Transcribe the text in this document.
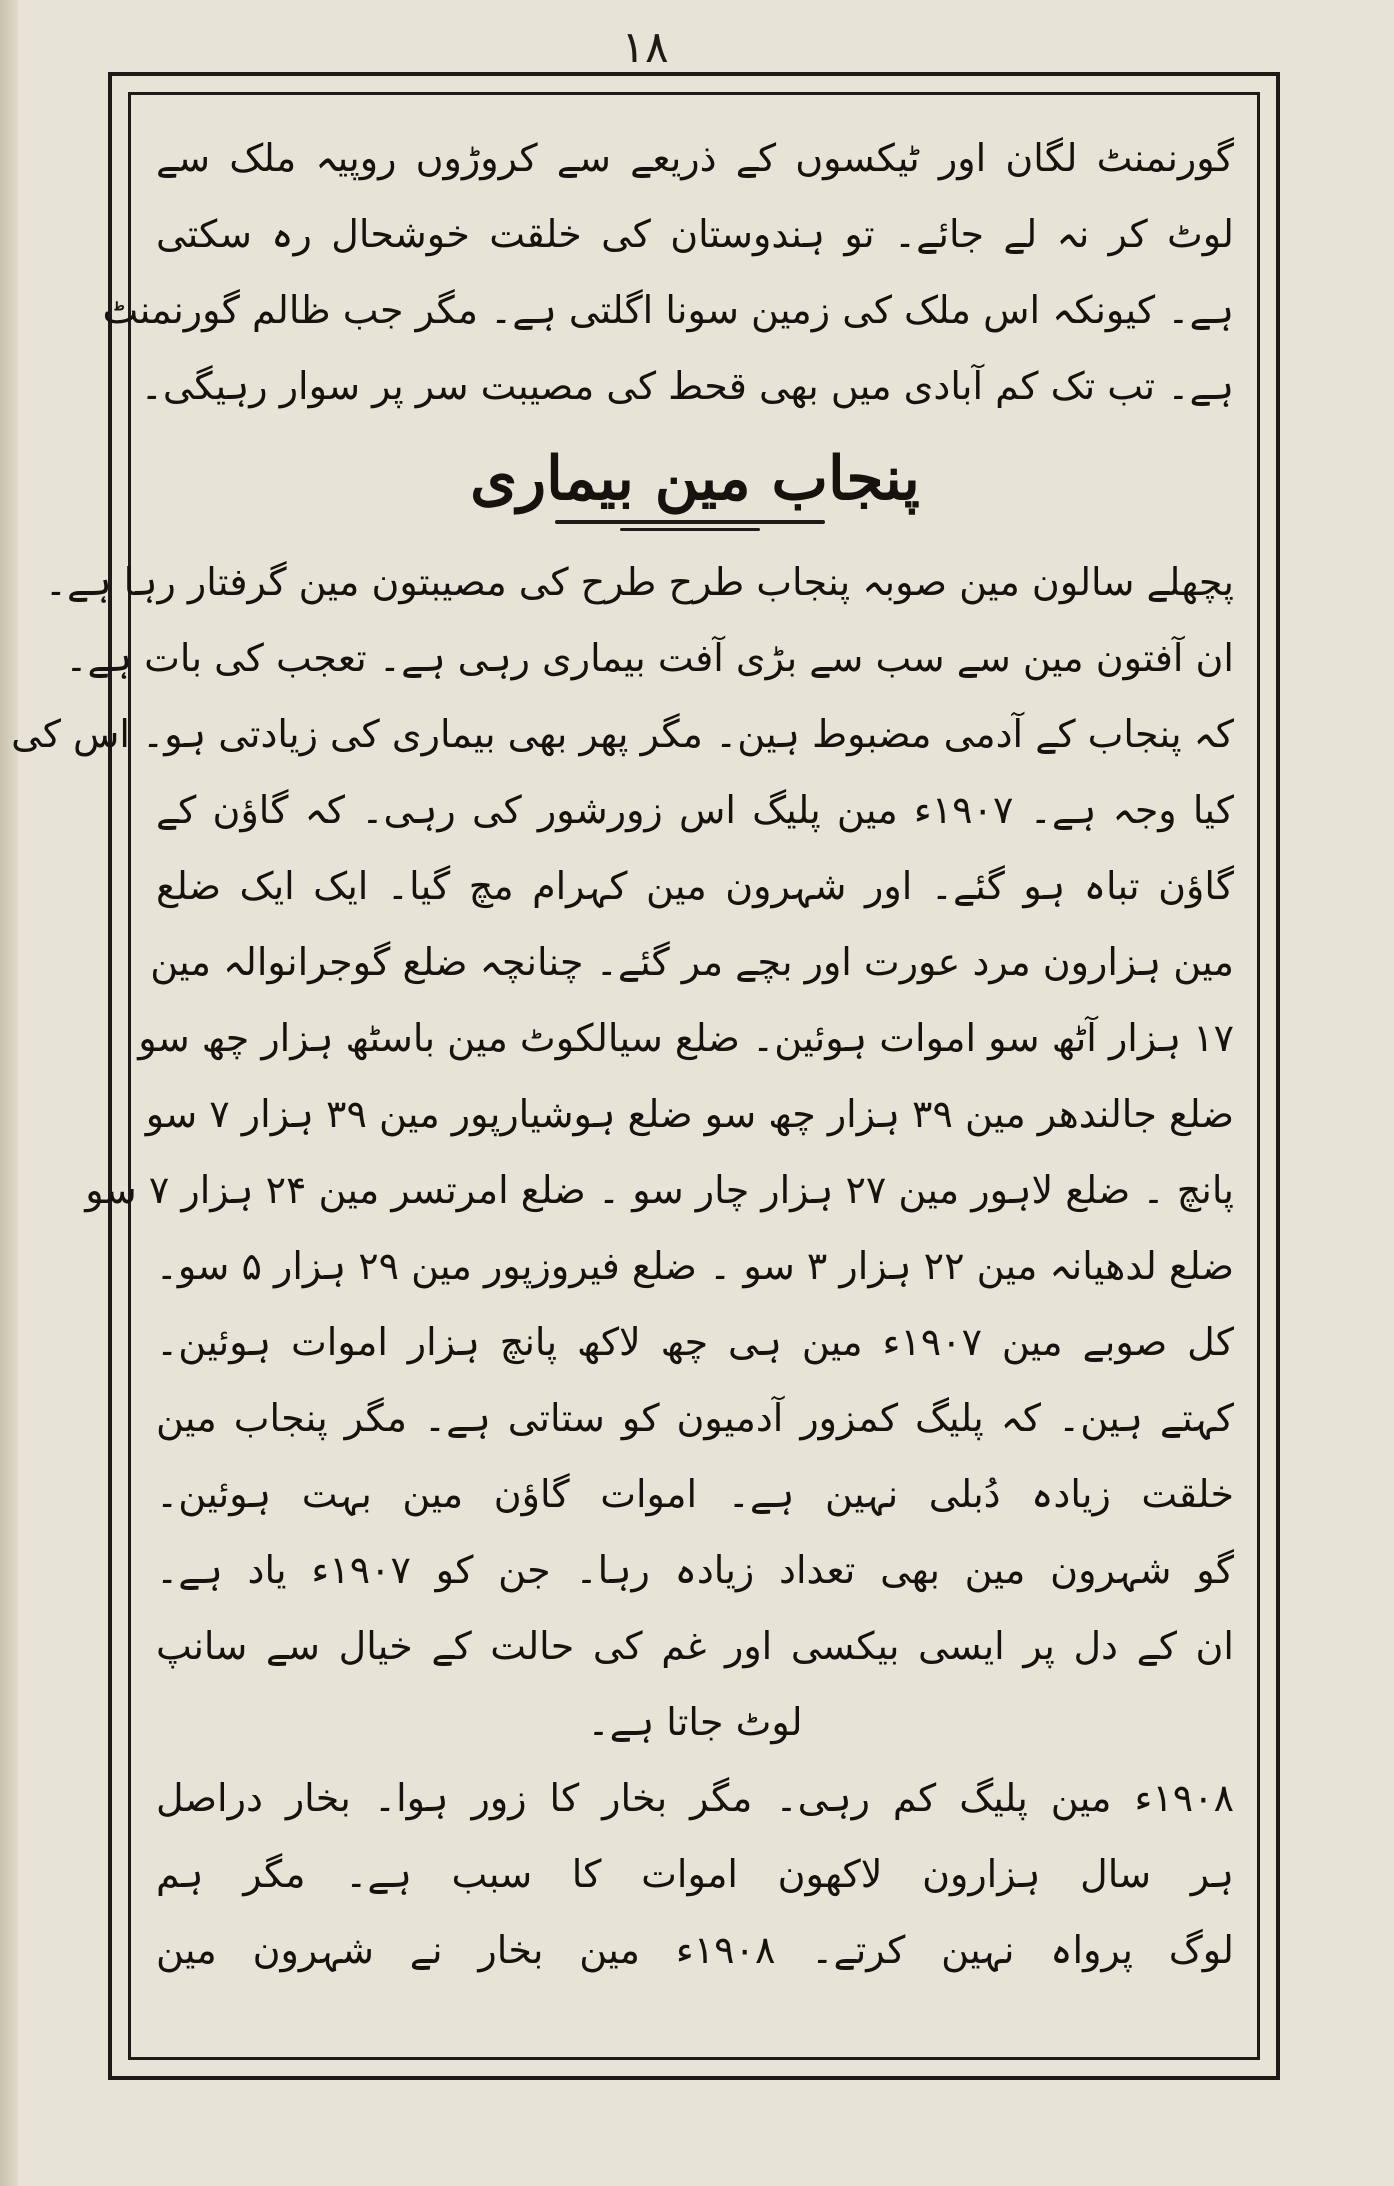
۱۸
گورنمنٹ لگان اور ٹیکسوں کے ذریعے سے کروڑوں روپیہ ملک سے
لوٹ کر نہ لے جائے۔ تو ہندوستان کی خلقت خوشحال رہ سکتی
ہے۔ کیونکہ اس ملک کی زمین سونا اگلتی ہے۔ مگر جب ظالم گورنمنٹ
ہے۔ تب تک کم آبادی میں بھی قحط کی مصیبت سر پر سوار رہیگی۔
پنجاب مین بیماری
پچھلے سالون مین صوبہ پنجاب طرح طرح کی مصیبتون مین گرفتار رہا ہے۔
ان آفتون مین سے سب سے بڑی آفت بیماری رہی ہے۔ تعجب کی بات ہے۔
کہ پنجاب کے آدمی مضبوط ہین۔ مگر پھر بھی بیماری کی زیادتی ہو۔ اس کی
کیا وجہ ہے۔ ۱۹۰۷ء مین پلیگ اس زورشور کی رہی۔ کہ گاؤن کے
گاؤن تباہ ہو گئے۔ اور شہرون مین کہرام مچ گیا۔ ایک ایک ضلع
مین ہزارون مرد عورت اور بچے مر گئے۔ چنانچہ ضلع گوجرانوالہ مین
۱۷ ہزار آٹھ سو اموات ہوئین۔ ضلع سیالکوٹ مین باسٹھ ہزار چھ سو
ضلع جالندھر مین ۳۹ ہزار چھ سو ضلع ہوشیارپور مین ۳۹ ہزار ۷ سو
پانچ ۔ ضلع لاہور مین ۲۷ ہزار چار سو ۔ ضلع امرتسر مین ۲۴ ہزار ۷ سو
ضلع لدھیانہ مین ۲۲ ہزار ۳ سو ۔ ضلع فیروزپور مین ۲۹ ہزار ۵ سو۔
کل صوبے مین ۱۹۰۷ء مین ہی چھ لاکھ پانچ ہزار اموات ہوئین۔
کہتے ہین۔ کہ پلیگ کمزور آدمیون کو ستاتی ہے۔ مگر پنجاب مین
خلقت زیادہ دُبلی نہین ہے۔ اموات گاؤن مین بہت ہوئین۔
گو شہرون مین بھی تعداد زیادہ رہا۔ جن کو ۱۹۰۷ء یاد ہے۔
ان کے دل پر ایسی بیکسی اور غم کی حالت کے خیال سے سانپ
لوٹ جاتا ہے۔
۱۹۰۸ء مین پلیگ کم رہی۔ مگر بخار کا زور ہوا۔ بخار دراصل
ہر سال ہزارون لاکھون اموات کا سبب ہے۔ مگر ہم
لوگ پرواہ نہین کرتے۔ ۱۹۰۸ء مین بخار نے شہرون مین
